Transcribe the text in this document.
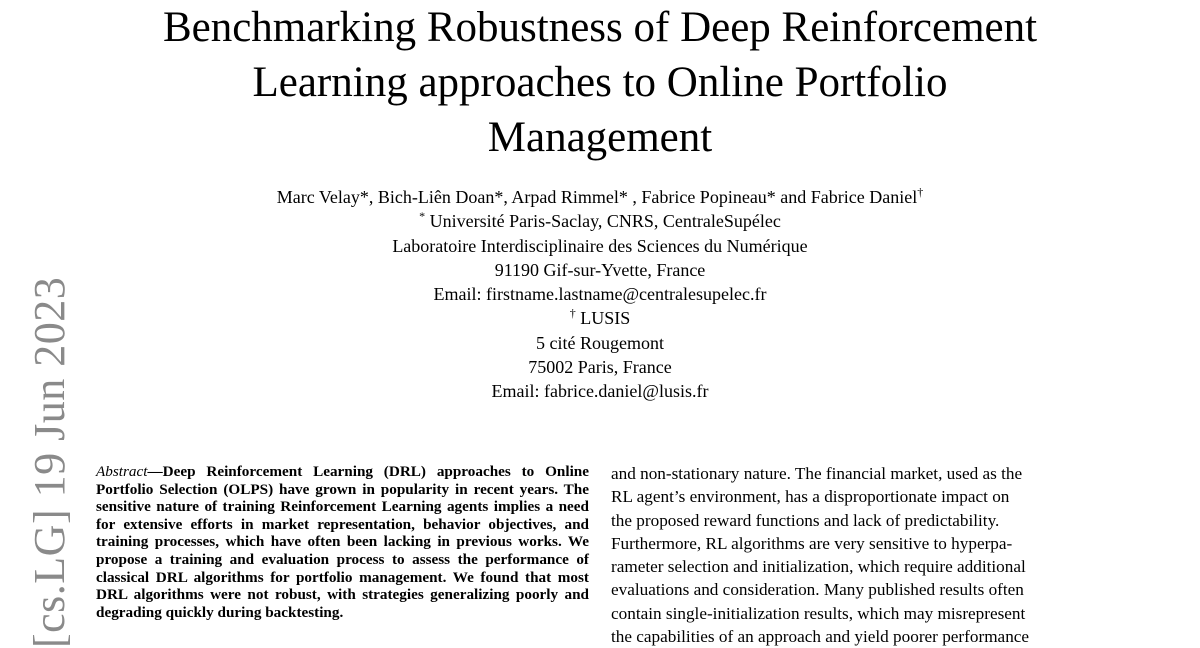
Benchmarking Robustness of Deep Reinforcement
Learning approaches to Online Portfolio
Management
Marc Velay*, Bich-Liên Doan*, Arpad Rimmel* , Fabrice Popineau* and Fabrice Daniel†
* Université Paris-Saclay, CNRS, CentraleSupélec
Laboratoire Interdisciplinaire des Sciences du Numérique
91190 Gif-sur-Yvette, France
Email: firstname.lastname@centralesupelec.fr
† LUSIS
5 cité Rougemont
75002 Paris, France
Email: fabrice.daniel@lusis.fr
[cs.LG] 19 Jun 2023 Abstract—Deep Reinforcement Learning (DRL) approaches to Online Portfolio Selection (OLPS) have grown in popularity in recent years. The sensitive nature of training Reinforcement Learning agents implies a need for extensive efforts in market representation, behavior objectives, and training processes, which have often been lacking in previous works. We propose a training and evaluation process to assess the performance of classical DRL algorithms for portfolio management. We found that most DRL algorithms were not robust, with strategies generalizing poorly and degrading quickly during backtesting.
and non-stationary nature. The financial market, used as the
RL agent’s environment, has a disproportionate impact on
the proposed reward functions and lack of predictability.
Furthermore, RL algorithms are very sensitive to hyperpa-
rameter selection and initialization, which require additional
evaluations and consideration. Many published results often
contain single-initialization results, which may misrepresent
the capabilities of an approach and yield poorer performance
